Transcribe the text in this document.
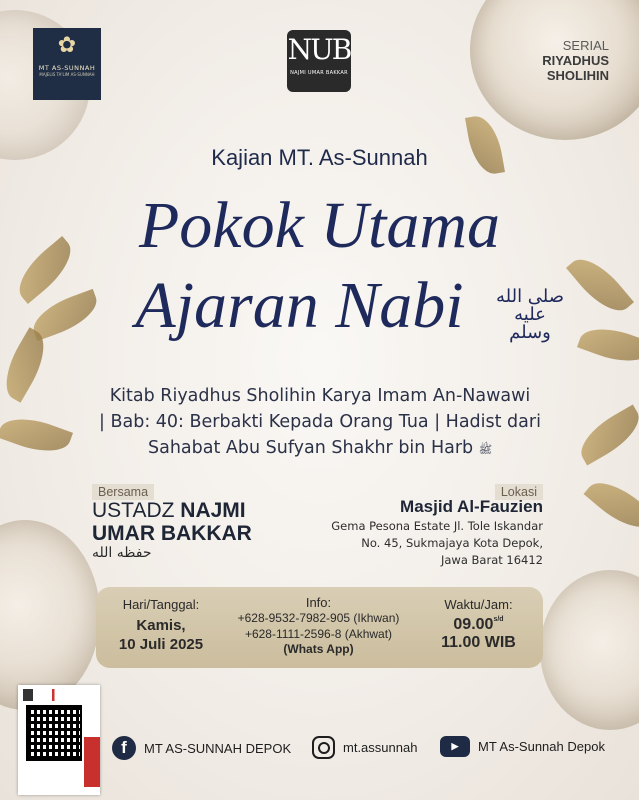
✿
MT AS-SUNNAH
MAJELIS TA'LIM AS-SUNNAH
NUB
NAJMI UMAR BAKKAR
SERIAL
RIYADHUS
SHOLIHIN
Kajian MT. As-Sunnah
Pokok Utama
Ajaran Nabi	صلى الله عليه وسلم
Kitab Riyadhus Sholihin Karya Imam An-Nawawi
| Bab: 40: Berbakti Kepada Orang Tua | Hadist dari
Sahabat Abu Sufyan Shakhr bin Harb ﷺ
Bersama
USTADZ NAJMI
UMAR BAKKAR
حفظه الله
Lokasi
Masjid Al-Fauzien
Gema Pesona Estate Jl. Tole Iskandar
No. 45, Sukmajaya Kota Depok,
Jawa Barat 16412
Hari/Tanggal:
Kamis,
10 Juli 2025
Info:
+628-9532-7982-905 (Ikhwan)
+628-1111-2596-8 (Akhwat)
(Whats App)
Waktu/Jam:
$09.00^{s/d}$
11.00 WIB
f	MT AS-SUNNAH DEPOK	mt.assunnah	▶	MT As-Sunnah Depok
